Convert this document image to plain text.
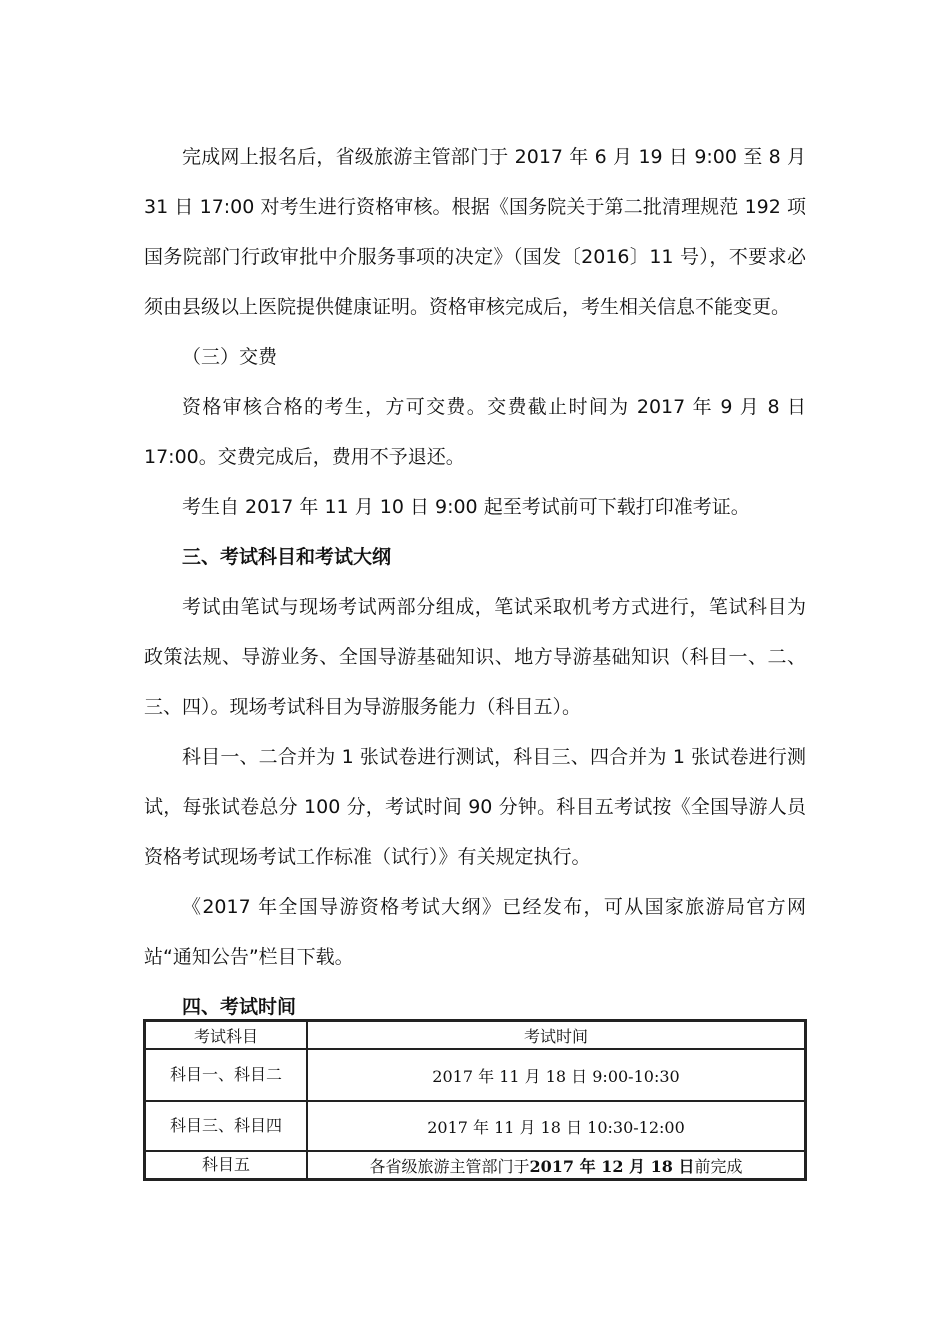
完成网上报名后，省级旅游主管部门于 2017 年 6 月 19 日 9:00 至 8 月 31 日 17:00 对考生进行资格审核。根据《国务院关于第二批清理规范 192 项国务院部门行政审批中介服务事项的决定》（国发〔2016〕11 号），不要求必须由县级以上医院提供健康证明。资格审核完成后，考生相关信息不能变更。

（三）交费

资格审核合格的考生，方可交费。交费截止时间为 2017 年 9 月 8 日 17:00。交费完成后，费用不予退还。

考生自 2017 年 11 月 10 日 9:00 起至考试前可下载打印准考证。

三、考试科目和考试大纲

考试由笔试与现场考试两部分组成，笔试采取机考方式进行，笔试科目为政策法规、导游业务、全国导游基础知识、地方导游基础知识（科目一、二、三、四）。现场考试科目为导游服务能力（科目五）。

科目一、二合并为 1 张试卷进行测试，科目三、四合并为 1 张试卷进行测试，每张试卷总分 100 分，考试时间 90 分钟。科目五考试按《全国导游人员资格考试现场考试工作标准（试行）》有关规定执行。

《2017 年全国导游资格考试大纲》已经发布，可从国家旅游局官方网站“通知公告”栏目下载。

四、考试时间

考试科目	考试时间
科目一、科目二	2017 年 11 月 18 日 9:00-10:30
科目三、科目四	2017 年 11 月 18 日 10:30-12:00
科目五	各省级旅游主管部门于2017 年 12 月 18 日前完成
